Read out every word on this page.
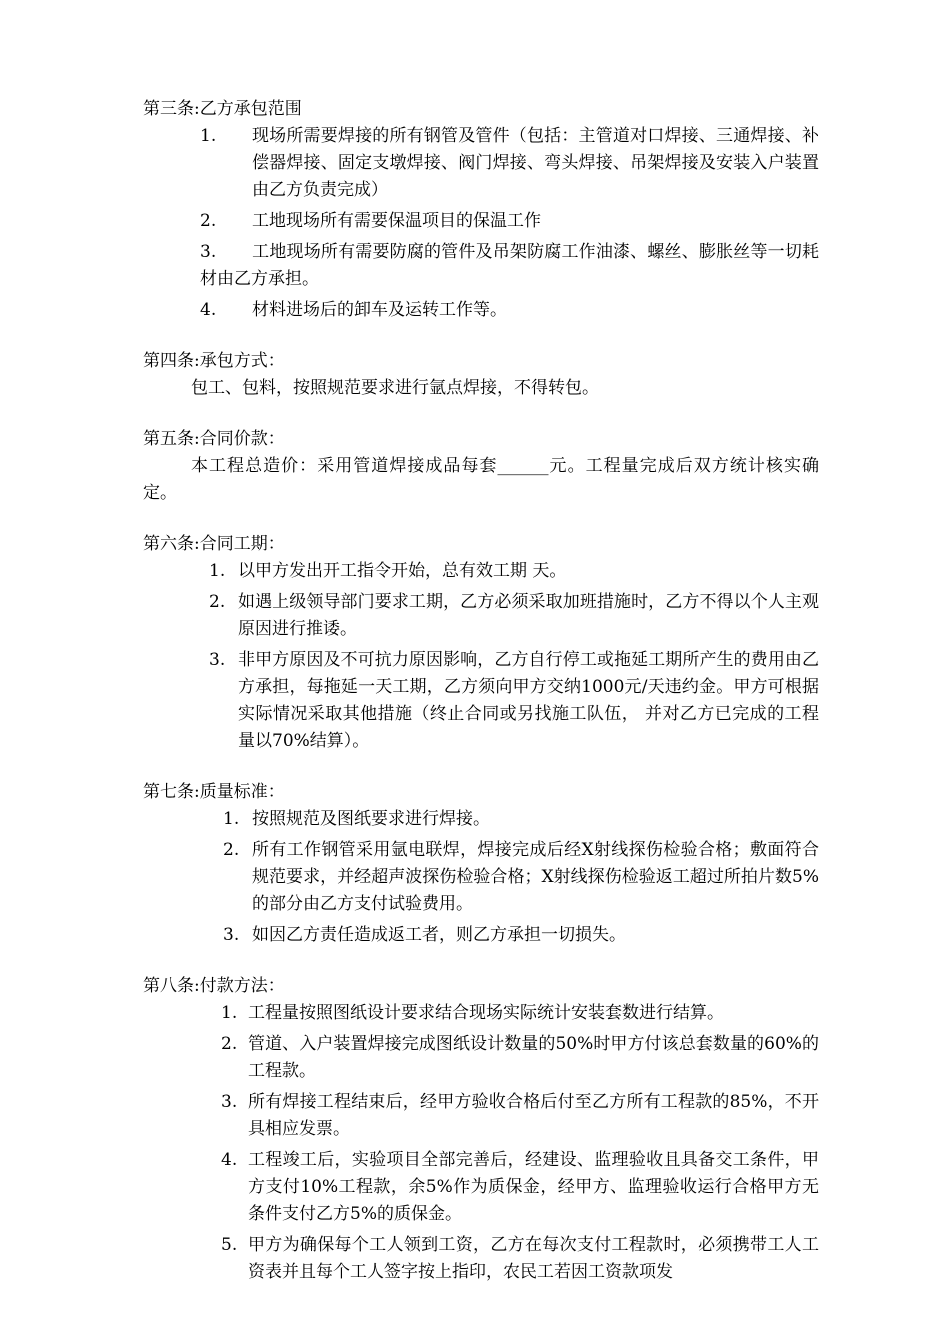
第三条:乙方承包范围
1. 现场所需要焊接的所有钢管及管件（包括：主管道对口焊接、三通焊接、补偿器焊接、固定支墩焊接、阀门焊接、弯头焊接、吊架焊接及安装入户装置由乙方负责完成）
2. 工地现场所有需要保温项目的保温工作
3. 工地现场所有需要防腐的管件及吊架防腐工作油漆、螺丝、膨胀丝等一切耗材由乙方承担。
4. 材料进场后的卸车及运转工作等。
第四条:承包方式：
包工、包料，按照规范要求进行氩点焊接，不得转包。
第五条:合同价款：
本工程总造价：采用管道焊接成品每套______元。工程量完成后双方统计核实确定。
第六条:合同工期：
1. 以甲方发出开工指令开始，总有效工期 天。
2. 如遇上级领导部门要求工期，乙方必须采取加班措施时，乙方不得以个人主观原因进行推诿。
3. 非甲方原因及不可抗力原因影响，乙方自行停工或拖延工期所产生的费用由乙方承担，每拖延一天工期，乙方须向甲方交纳1000元/天违约金。甲方可根据实际情况采取其他措施（终止合同或另找施工队伍， 并对乙方已完成的工程量以70%结算）。
第七条:质量标准：
1. 按照规范及图纸要求进行焊接。
2. 所有工作钢管采用氩电联焊，焊接完成后经X射线探伤检验合格；敷面符合规范要求，并经超声波探伤检验合格；X射线探伤检验返工超过所拍片数5%的部分由乙方支付试验费用。
3. 如因乙方责任造成返工者，则乙方承担一切损失。
第八条:付款方法：
1. 工程量按照图纸设计要求结合现场实际统计安装套数进行结算。
2. 管道、入户装置焊接完成图纸设计数量的50%时甲方付该总套数量的60%的工程款。
3. 所有焊接工程结束后，经甲方验收合格后付至乙方所有工程款的85%，不开具相应发票。
4. 工程竣工后，实验项目全部完善后，经建设、监理验收且具备交工条件，甲方支付10%工程款，余5%作为质保金，经甲方、监理验收运行合格甲方无条件支付乙方5%的质保金。
5. 甲方为确保每个工人领到工资，乙方在每次支付工程款时，必须携带工人工资表并且每个工人签字按上指印，农民工若因工资款项发
